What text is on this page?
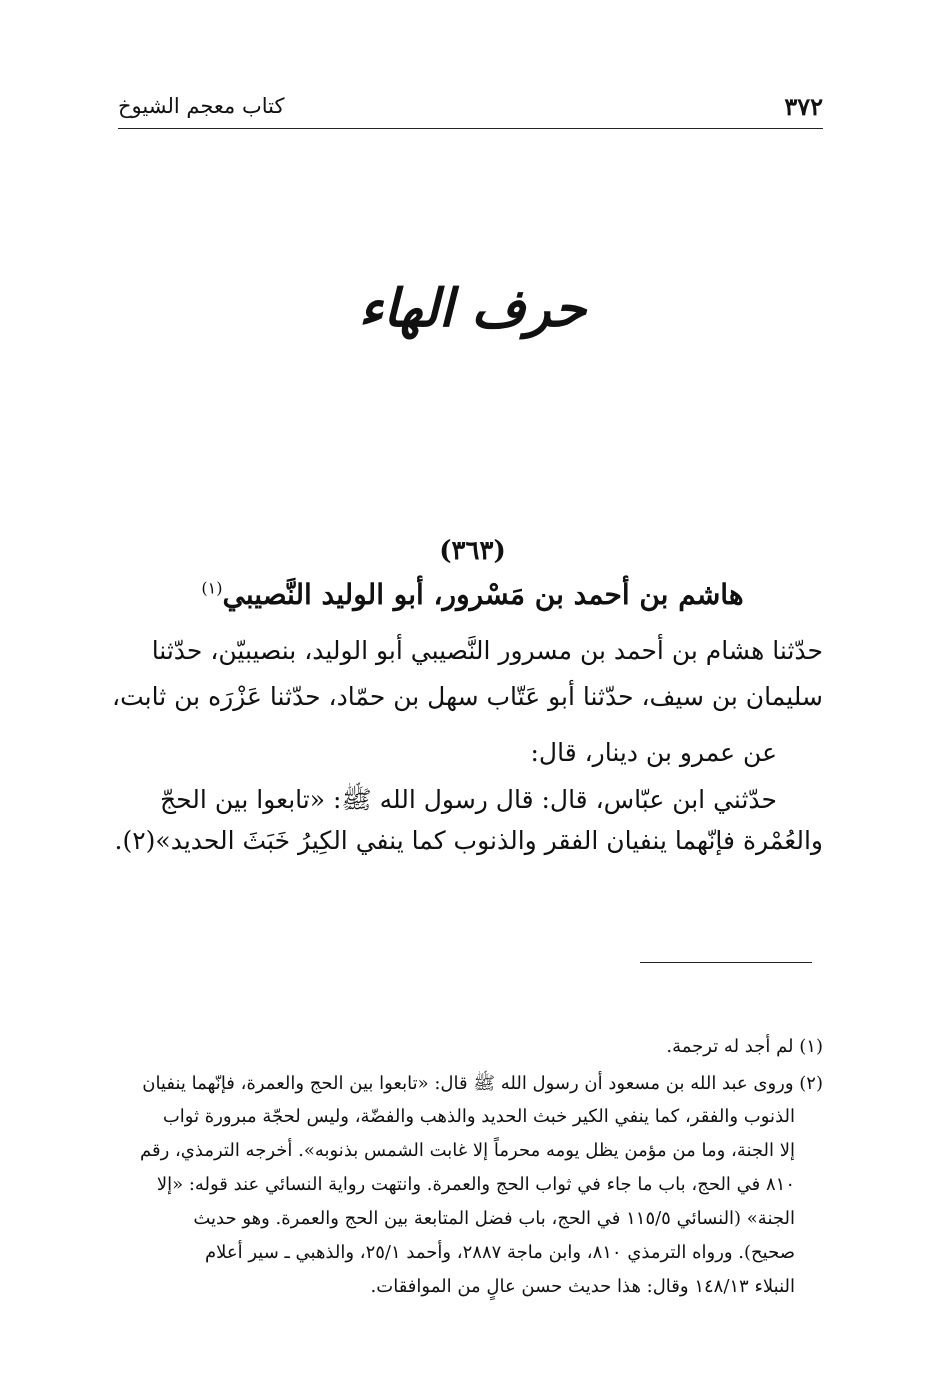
٣٧٢
كتاب معجم الشيوخ
حرف الهاء
(٣٦٣)
هاشم بن أحمد بن مَسْرور، أبو الوليد النَّصيبي$^{(١)}$
حدّثنا هشام بن أحمد بن مسرور النَّصيبي أبو الوليد، بنصيبيّن، حدّثنا
سليمان بن سيف، حدّثنا أبو عَتّاب سهل بن حمّاد، حدّثنا عَزْرَه بن ثابت،
عن عمرو بن دينار، قال:
حدّثني ابن عبّاس، قال: قال رسول الله ﷺ: «تابعوا بين الحجّ
والعُمْرة فإنّهما ينفيان الفقر والذنوب كما ينفي الكِيرُ خَبَثَ الحديد»(٢).
(١) لم أجد له ترجمة.
(٢) وروى عبد الله بن مسعود أن رسول الله ﷺ قال: «تابعوا بين الحج والعمرة، فإنّهما ينفيان
الذنوب والفقر، كما ينفي الكير خبث الحديد والذهب والفضّة، وليس لحجّة مبرورة ثواب
إلا الجنة، وما من مؤمن يظل يومه محرماً إلا غابت الشمس بذنوبه». أخرجه الترمذي، رقم
٨١٠ في الحج، باب ما جاء في ثواب الحج والعمرة. وانتهت رواية النسائي عند قوله: «إلا
الجنة» (النسائي ١١٥/٥ في الحج، باب فضل المتابعة بين الحج والعمرة. وهو حديث
صحيح). ورواه الترمذي ٨١٠، وابن ماجة ٢٨٨٧، وأحمد ٢٥/١، والذهبي ـ سير أعلام
النبلاء ١٤٨/١٣ وقال: هذا حديث حسن عالٍ من الموافقات.
